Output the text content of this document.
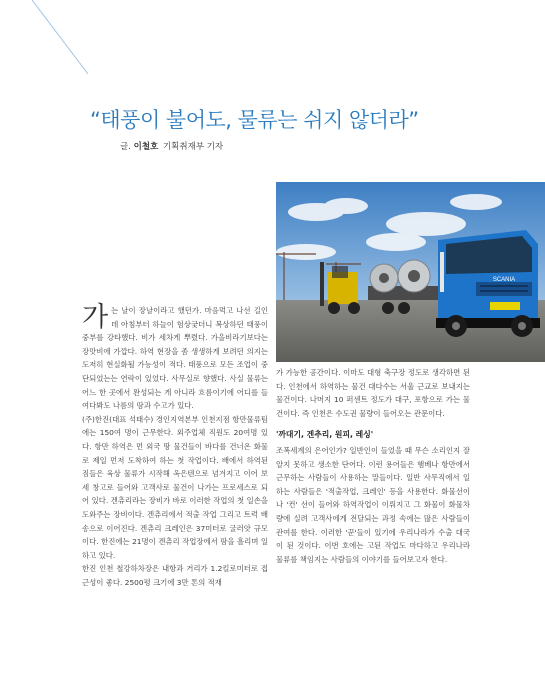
“태풍이 불어도, 물류는 쉬지 않더라”
글. 이철호 기획취재부 기자
SCANIA

가는 날이 장날이라고 했던가. 마음먹고 나선 길인데 아침부터 하늘이 험상궂더니 복상하던 태풍이 중부를 강타했다. 비가 세차게 뿌렸다. 가을비라기보다는 장맛비에 가깝다. 하역 현장을 좀 생생하게 보려던 의지는 도저히 현실화될 가능성이 적다. 태풍으로 모든 조업이 중단되었는는 연락이 있었다. 사무실로 향했다. 사실 물류는 어느 한 곳에서 완성되는 게 아니라 흐름이기에 어디를 들여다봐도 나름의 땀과 수고가 있다.

(주)한진(대표 석태수) 경인지역본부 인천지점 항만물류팀에는 150여 명이 근무한다. 외주업체 직원도 20여명 있다. 항만 하역은 먼 외국 땅 물건들이 바다를 건너온 화물로 제일 먼저 도착하여 하는 첫 작업이다. 배에서 하역된 짐들은 육상 물류가 시작해 옥은텐으로 넘겨지고 이어 보세 창고로 들어와 고객사로 물건이 나가는 프로세스로 되어 있다. 겐츄리라는 장비가 바로 이러한 작업의 첫 일손을 도와주는 장비이다. 겐츄리에서 적출 작업 그리고 트럭 배송으로 이어진다. 겐츄리 크레인은 37미터로 굴러앗 규모이다. 한진에는 21명이 겐츄리 작업장에서 땀을 흘리며 일하고 있다.

한진 인천 철강하차장은 내항과 거리가 1.2킬로미터로 접근성이 좋다. 2500평 크기에 3만 톤의 적재

가 가능한 공간이다. 이마도 대형 축구장 정도로 생각하면 된다. 인천에서 하역하는 물건 대다수는 서울 근교로 보내지는 물건이다. 나머지 10 퍼센트 정도가 대구, 포항으로 가는 물건이다. 즉 인천은 수도권 물량이 들어오는 관문이다.

'까대기, 겐추리, 원피, 레싱'

조폭세계의 은어인가? 일반인이 들었을 때 무슨 소리인지 잘 알지 못하고 생소한 단어다. 이런 용어들은 햄베나 항만에서 근무하는 사람들이 사용하는 말들이다. 일반 사무직에서 일하는 사람들은 '적출작업, 크레인' 등을 사용한다. 화물선이나 '컨' 선이 들어와 하역작업이 이뤄지고 그 화물이 화물차량에 실려 고객사에게 전달되는 과정 속에는 많은 사람들이 관여를 한다. 이러한 '꾼'들이 있기에 우리나라가 수출 대국이 된 것이다. 이번 호에는 고된 작업도 마다하고 우리나라 물류를 책임지는 사람들의 이야기를 들어보고자 한다.
